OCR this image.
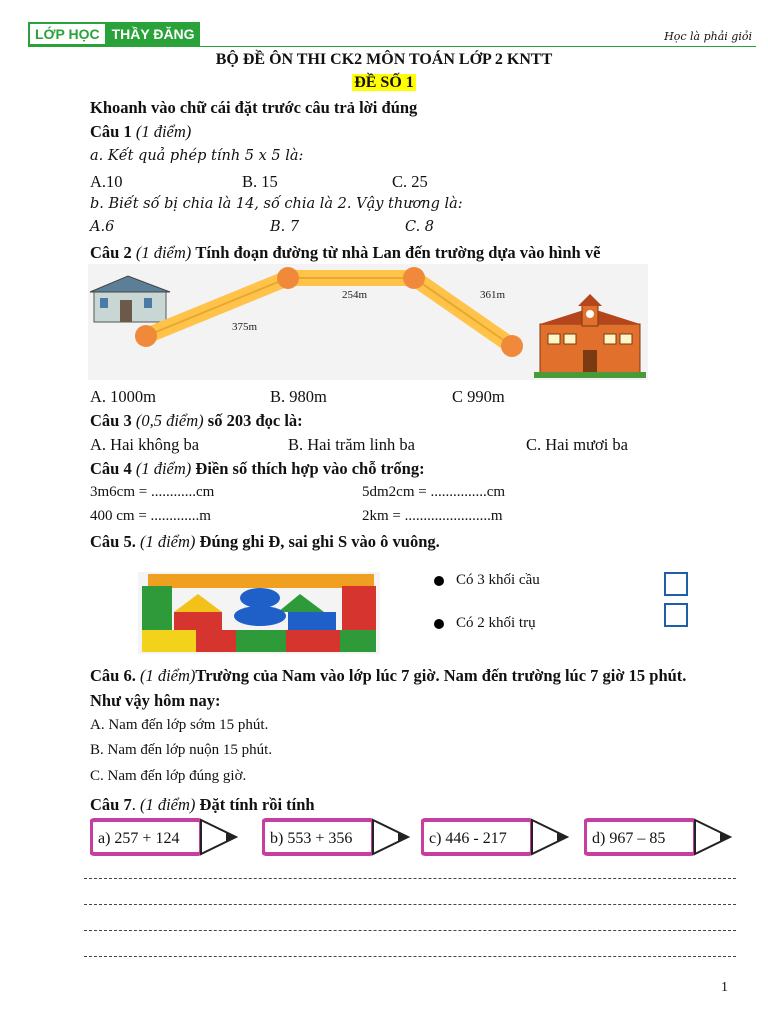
LỚP HỌC THẦY ĐĂNG	Học là phải giỏi
BỘ ĐỀ ÔN THI CK2 MÔN TOÁN LỚP 2 KNTT
ĐỀ SỐ 1
Khoanh vào chữ cái đặt trước câu trả lời đúng
Câu 1 (1 điểm)
a. Kết quả phép tính 5 x 5 là:
A.10	B. 15	C. 25
b. Biết số bị chia là 14, số chia là 2. Vậy thương là:
A.6	B. 7	C. 8
Câu 2 (1 điểm) Tính đoạn đường từ nhà Lan đến trường dựa vào hình vẽ
375m
254m	361m
A. 1000m	B. 980m	C 990m
Câu 3 (0,5 điểm) số 203 đọc là:
A. Hai không ba	B. Hai trăm linh ba	C. Hai mươi ba
Câu 4 (1 điểm) Điền số thích hợp vào chỗ trống:
3m6cm = ............cm	5dm2cm = ...............cm
400 cm = .............m	2km = .......................m
Câu 5. (1 điểm) Đúng ghi Đ, sai ghi S vào ô vuông.
Có 3 khối cầu
Có 2 khối trụ
Câu 6. (1 điểm)Trường của Nam vào lớp lúc 7 giờ. Nam đến trường lúc 7 giờ 15 phút.
Như vậy hôm nay:
A. Nam đến lớp sớm 15 phút.
B. Nam đến lớp nuộn 15 phút.
C. Nam đến lớp đúng giờ.
Câu 7. (1 điểm) Đặt tính rồi tính
a) 257 + 124	b) 553 + 356	c) 446 - 217	d) 967 – 85
1
